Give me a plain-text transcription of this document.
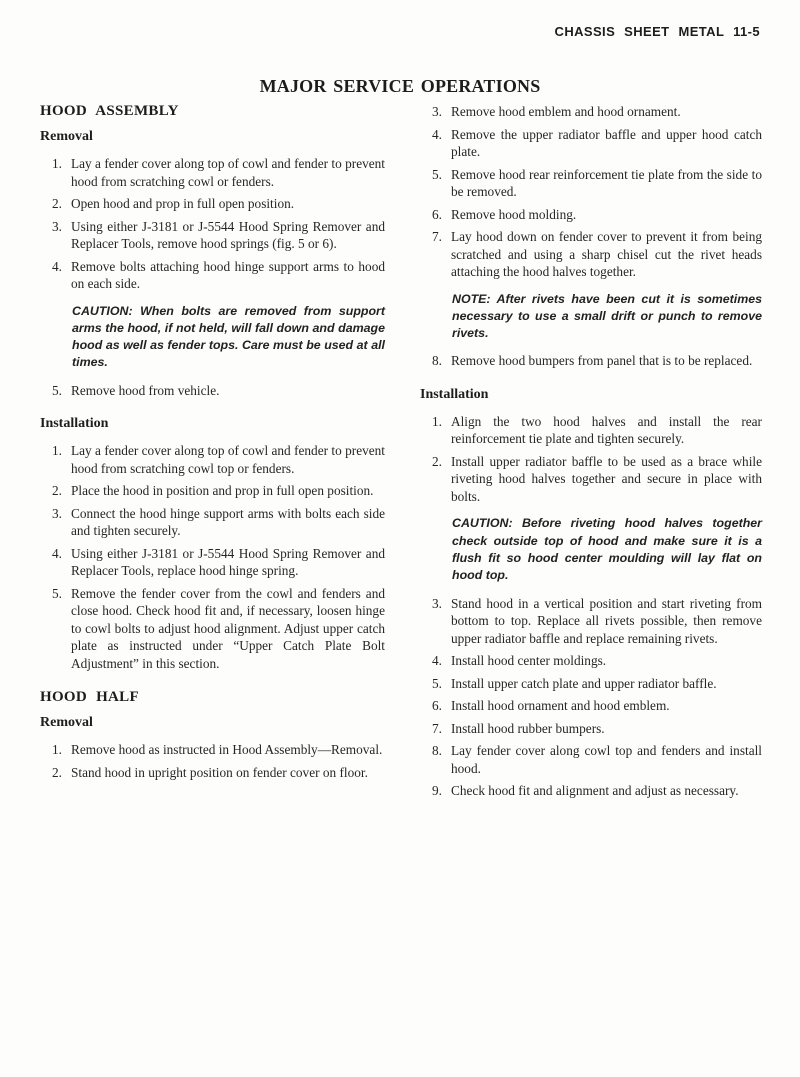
CHASSIS SHEET METAL 11-5
MAJOR SERVICE OPERATIONS
HOOD ASSEMBLY
Removal
1. Lay a fender cover along top of cowl and fender to prevent hood from scratching cowl or fenders.
2. Open hood and prop in full open position.
3. Using either J-3181 or J-5544 Hood Spring Remover and Replacer Tools, remove hood springs (fig. 5 or 6).
4. Remove bolts attaching hood hinge support arms to hood on each side.
CAUTION: When bolts are removed from support arms the hood, if not held, will fall down and damage hood as well as fender tops. Care must be used at all times.
5. Remove hood from vehicle.
Installation
1. Lay a fender cover along top of cowl and fender to prevent hood from scratching cowl top or fenders.
2. Place the hood in position and prop in full open position.
3. Connect the hood hinge support arms with bolts each side and tighten securely.
4. Using either J-3181 or J-5544 Hood Spring Remover and Replacer Tools, replace hood hinge spring.
5. Remove the fender cover from the cowl and fenders and close hood. Check hood fit and, if necessary, loosen hinge to cowl bolts to adjust hood alignment. Adjust upper catch plate as instructed under “Upper Catch Plate Bolt Adjustment” in this section.
HOOD HALF
Removal
1. Remove hood as instructed in Hood Assembly—Removal.
2. Stand hood in upright position on fender cover on floor.
3. Remove hood emblem and hood ornament.
4. Remove the upper radiator baffle and upper hood catch plate.
5. Remove hood rear reinforcement tie plate from the side to be removed.
6. Remove hood molding.
7. Lay hood down on fender cover to prevent it from being scratched and using a sharp chisel cut the rivet heads attaching the hood halves together.
NOTE: After rivets have been cut it is sometimes necessary to use a small drift or punch to remove rivets.
8. Remove hood bumpers from panel that is to be replaced.
Installation
1. Align the two hood halves and install the rear reinforcement tie plate and tighten securely.
2. Install upper radiator baffle to be used as a brace while riveting hood halves together and secure in place with bolts.
CAUTION: Before riveting hood halves together check outside top of hood and make sure it is a flush fit so hood center moulding will lay flat on hood top.
3. Stand hood in a vertical position and start riveting from bottom to top. Replace all rivets possible, then remove upper radiator baffle and replace remaining rivets.
4. Install hood center moldings.
5. Install upper catch plate and upper radiator baffle.
6. Install hood ornament and hood emblem.
7. Install hood rubber bumpers.
8. Lay fender cover along cowl top and fenders and install hood.
9. Check hood fit and alignment and adjust as necessary.
